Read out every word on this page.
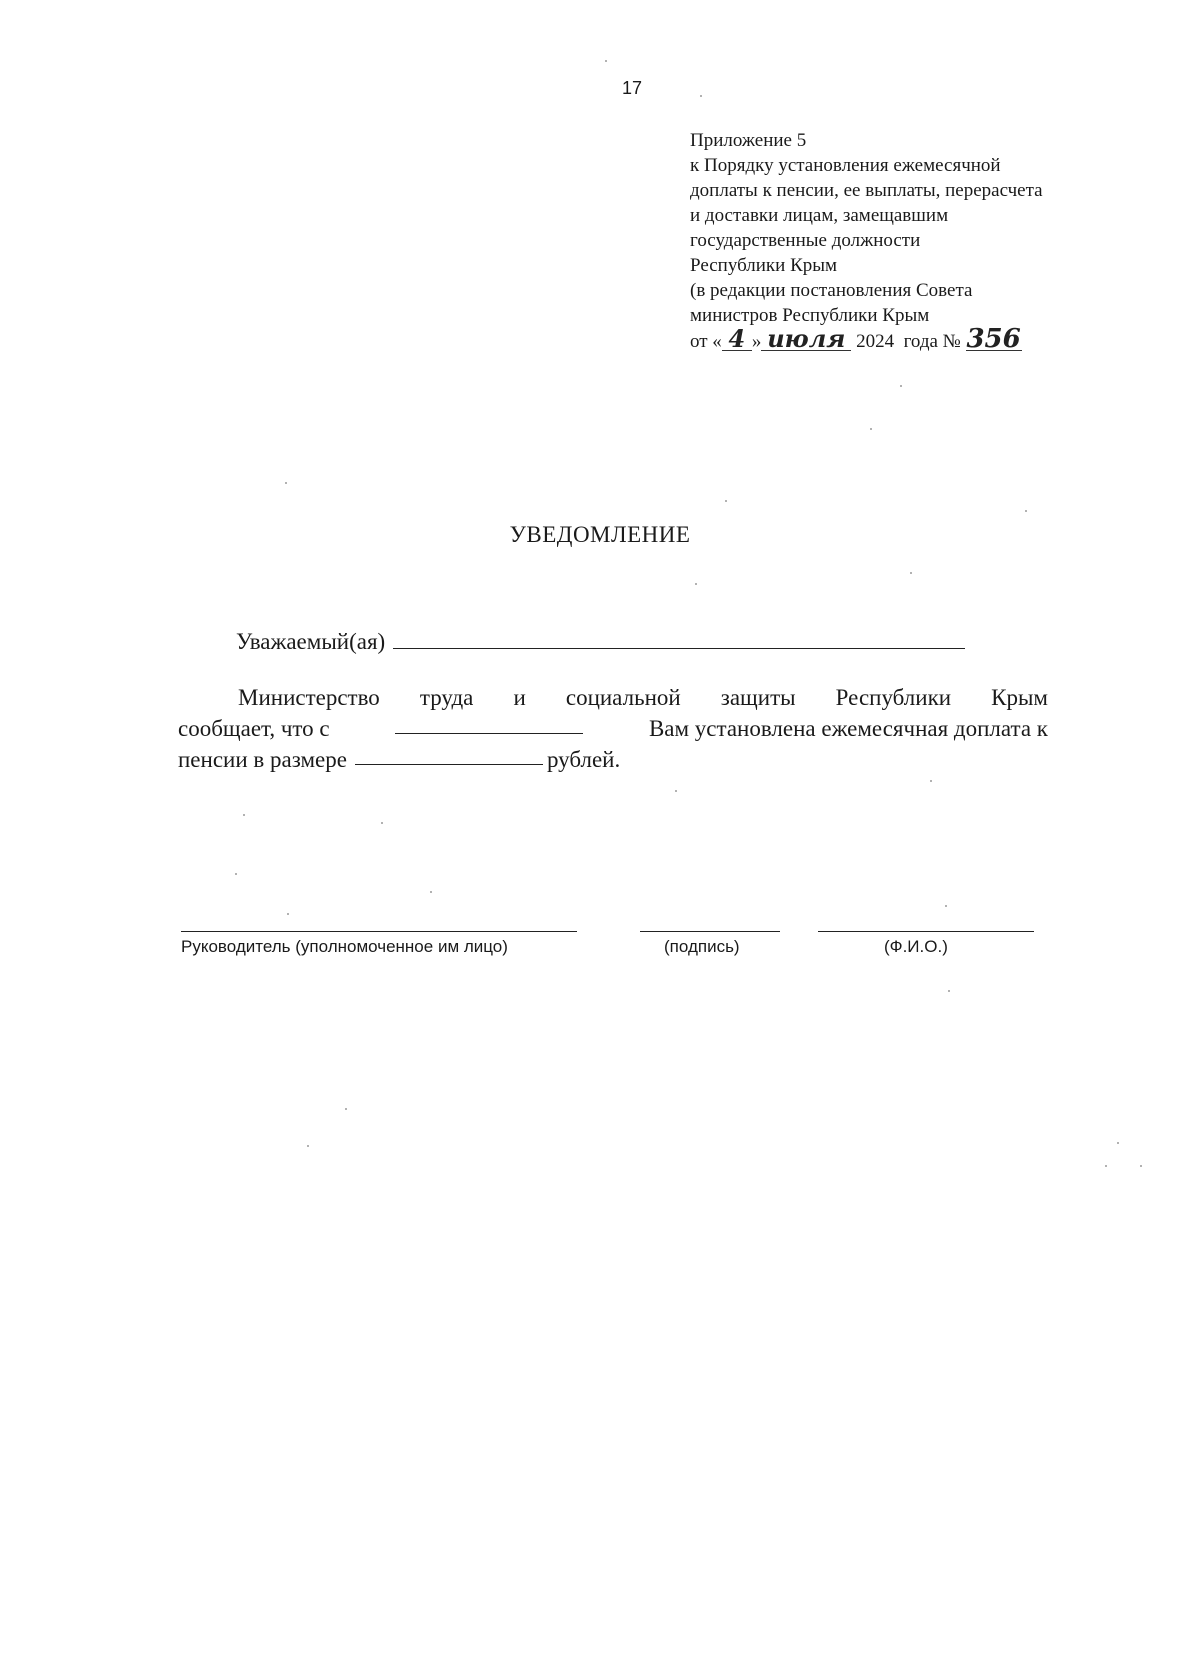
17
Приложение 5
к Порядку установления ежемесячной
доплаты к пенсии, ее выплаты, перерасчета
и доставки лицам, замещавшим
государственные должности
Республики Крым
(в редакции постановления Совета
министров Республики Крым
от « 4 » июля 2024 года № 356
УВЕДОМЛЕНИЕ
Уважаемый(ая)
Министерство труда и социальной защиты Республики Крым
сообщает, что с	Вам установлена ежемесячная доплата к
пенсии в размере	рублей.
Руководитель (уполномоченное им лицо)	(подпись)	(Ф.И.О.)
